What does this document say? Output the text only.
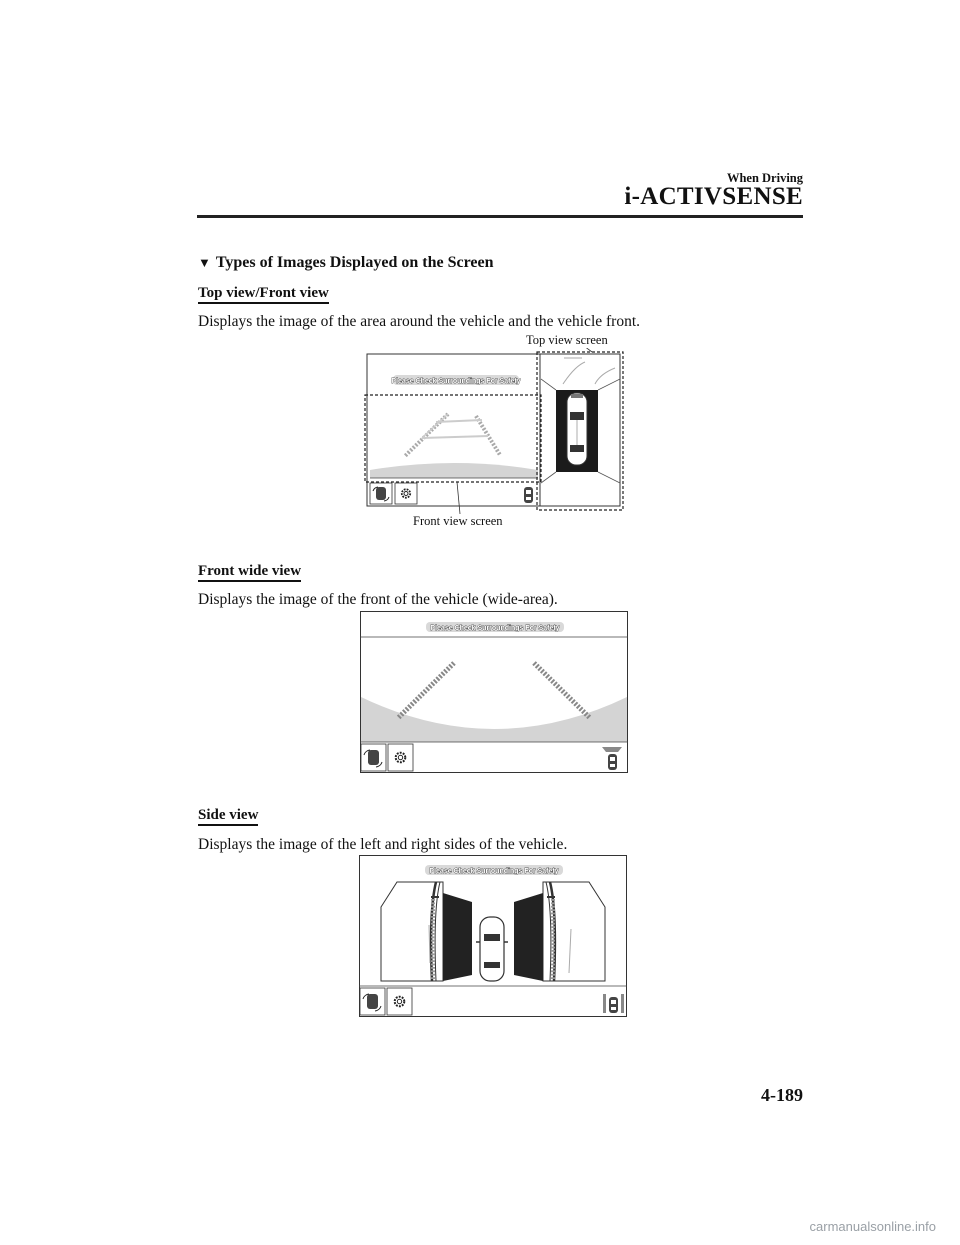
When Driving
i-ACTIVSENSE
▼ Types of Images Displayed on the Screen
Top view/Front view
Displays the image of the area around the vehicle and the vehicle front.
Top view screen
Front view screen
Please Check Surroundings For Safety
Front wide view
Displays the image of the front of the vehicle (wide-area).
Please Check Surroundings For Safety
Side view
Displays the image of the left and right sides of the vehicle.
Please Check Surroundings For Safety
4-189
carmanualsonline.info
